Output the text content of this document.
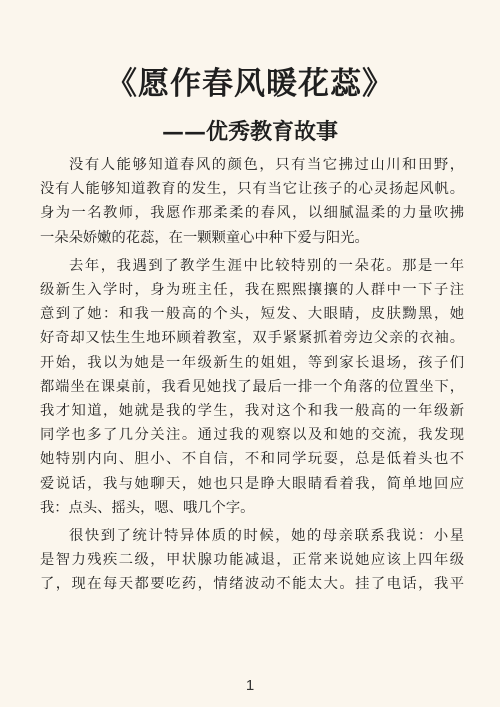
《愿作春风暖花蕊》
——优秀教育故事
没有人能够知道春风的颜色，只有当它拂过山川和田野，
没有人能够知道教育的发生，只有当它让孩子的心灵扬起风帆。
身为一名教师，我愿作那柔柔的春风，以细腻温柔的力量吹拂
一朵朵娇嫩的花蕊，在一颗颗童心中种下爱与阳光。
去年，我遇到了教学生涯中比较特别的一朵花。那是一年
级新生入学时，身为班主任，我在熙熙攘攘的人群中一下子注
意到了她：和我一般高的个头，短发、大眼睛，皮肤黝黑，她
好奇却又怯生生地环顾着教室，双手紧紧抓着旁边父亲的衣袖。
开始，我以为她是一年级新生的姐姐，等到家长退场，孩子们
都端坐在课桌前，我看见她找了最后一排一个角落的位置坐下，
我才知道，她就是我的学生，我对这个和我一般高的一年级新
同学也多了几分关注。通过我的观察以及和她的交流，我发现
她特别内向、胆小、不自信，不和同学玩耍，总是低着头也不
爱说话，我与她聊天，她也只是睁大眼睛看着我，简单地回应
我：点头、摇头，嗯、哦几个字。
很快到了统计特异体质的时候，她的母亲联系我说：小星
是智力残疾二级，甲状腺功能减退，正常来说她应该上四年级
了，现在每天都要吃药，情绪波动不能太大。挂了电话，我平
1
